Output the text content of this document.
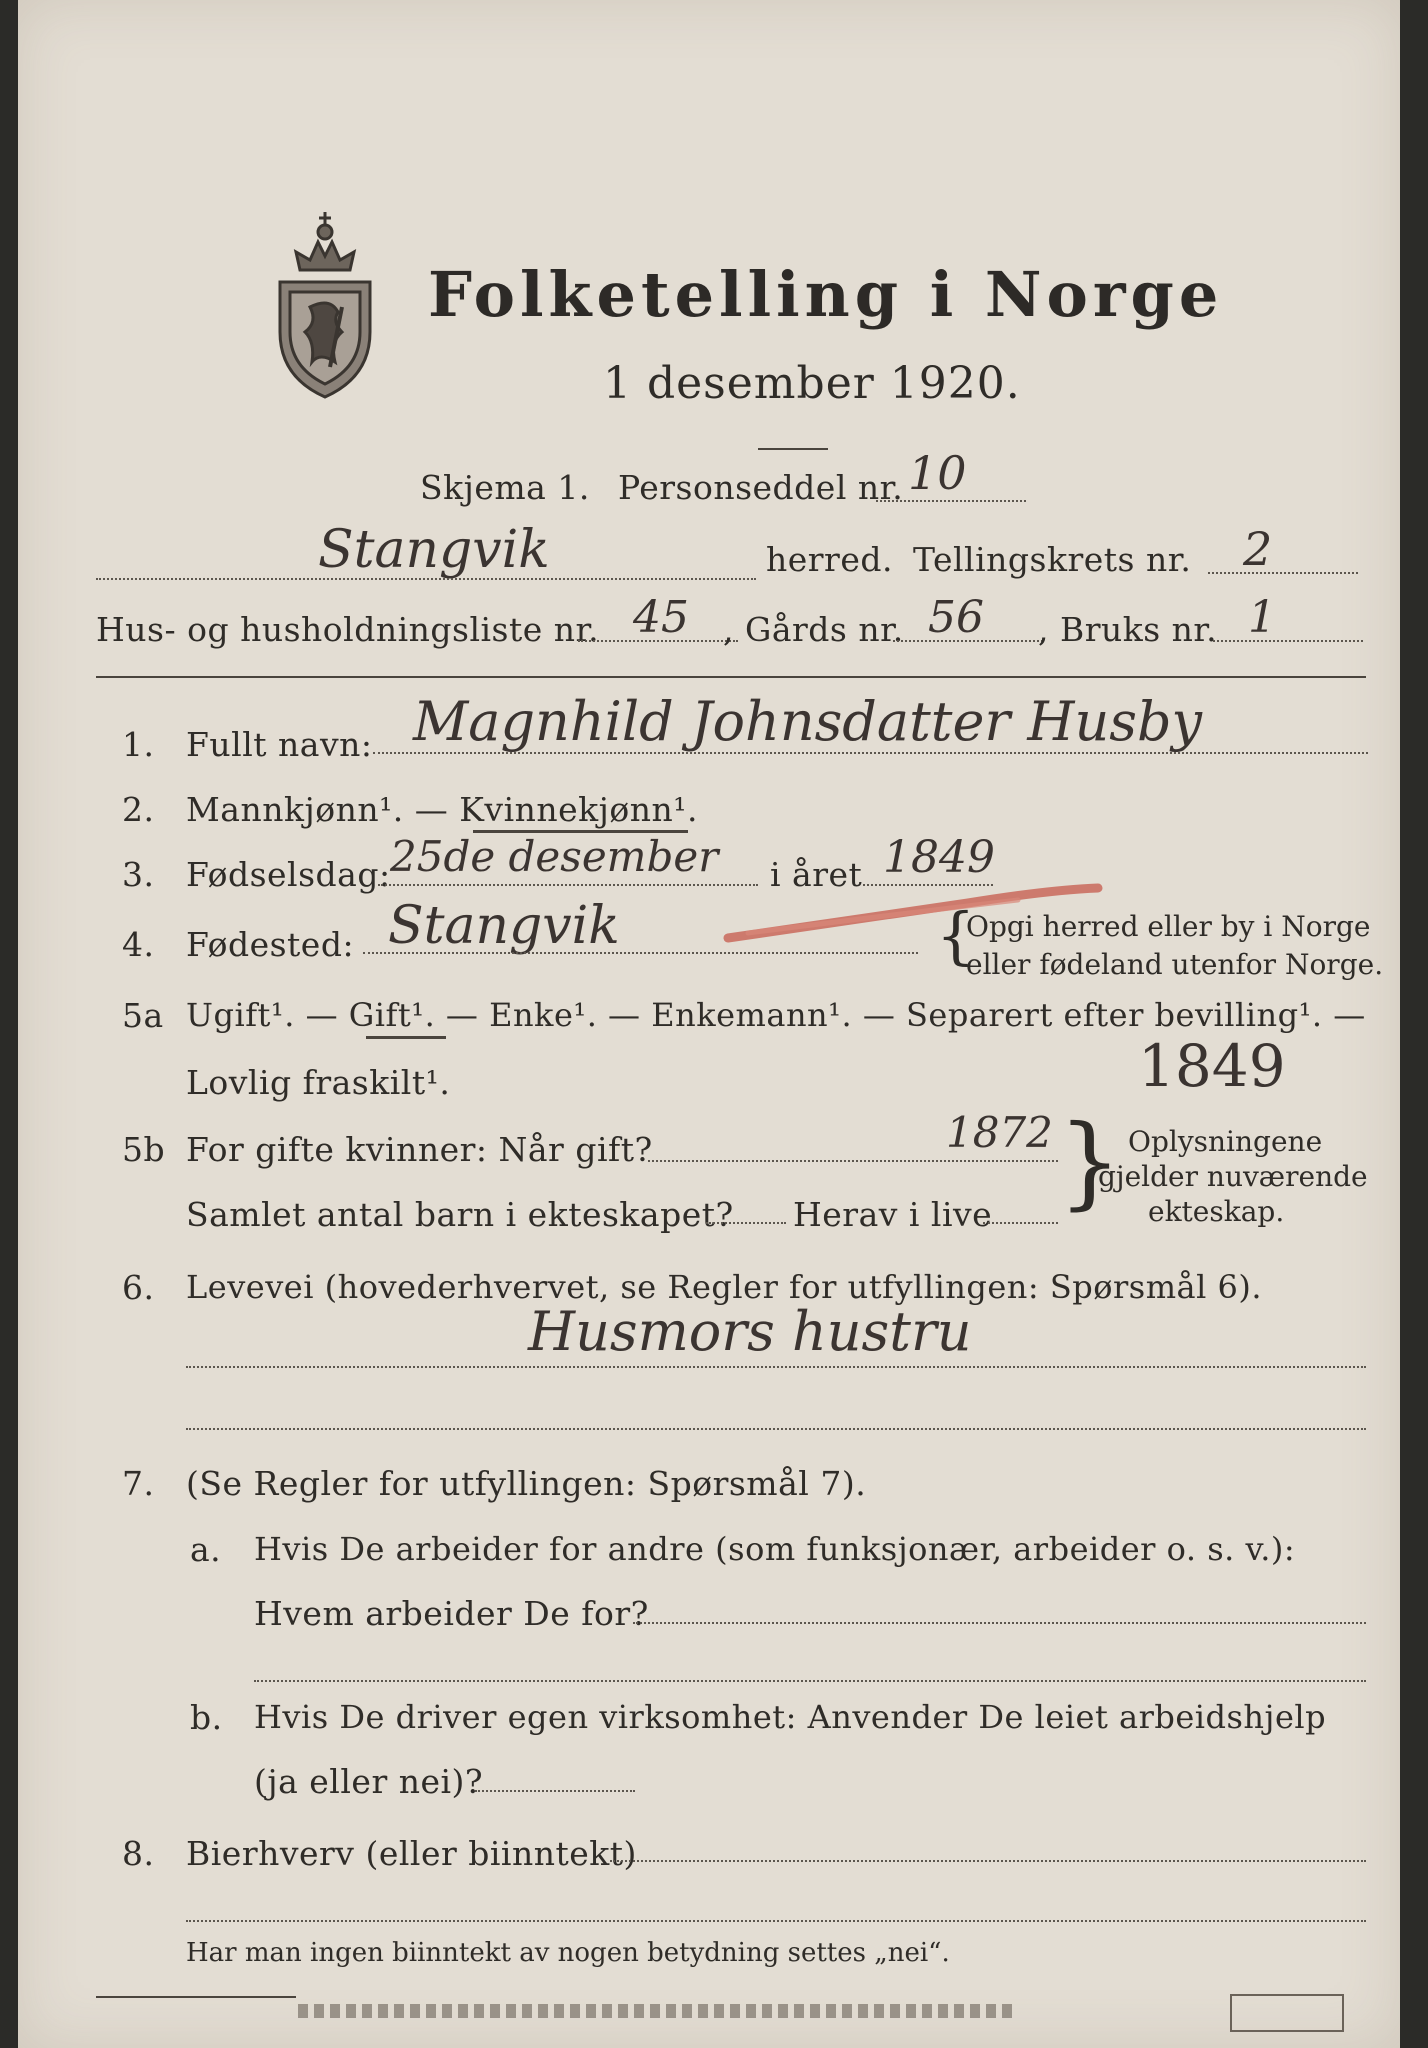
Folketelling i Norge
1 desember 1920.
Skjema 1. Personseddel nr. 10
Stangvik	herred. Tellingskrets nr. 2
Hus- og husholdningsliste nr. 45 , Gårds nr. 56 , Bruks nr. 1
1. Fullt navn: Magnhild Johnsdatter Husby
2. Mannkjønn¹. — Kvinnekjønn¹.
3. Fødselsdag: 25de desember i året 1849
4. Fødested: Stangvik	{
Opgi herred eller by i Norge
eller fødeland utenfor Norge.
5a Ugift¹. — Gift¹. — Enke¹. — Enkemann¹. — Separert efter bevilling¹. —
Lovlig fraskilt¹.	1849
5b For gifte kvinner: Når gift?	1872
Samlet antal barn i ekteskapet? Herav i live } Oplysningene
gjelder nuværende
ekteskap.
6. Levevei (hovederhvervet, se Regler for utfyllingen: Spørsmål 6).
Husmors hustru
7. (Se Regler for utfyllingen: Spørsmål 7).
a. Hvis De arbeider for andre (som funksjonær, arbeider o. s. v.):
Hvem arbeider De for?
b. Hvis De driver egen virksomhet: Anvender De leiet arbeidshjelp
(ja eller nei)?
8. Bierhverv (eller biinntekt)
Har man ingen biinntekt av nogen betydning settes „nei“.
